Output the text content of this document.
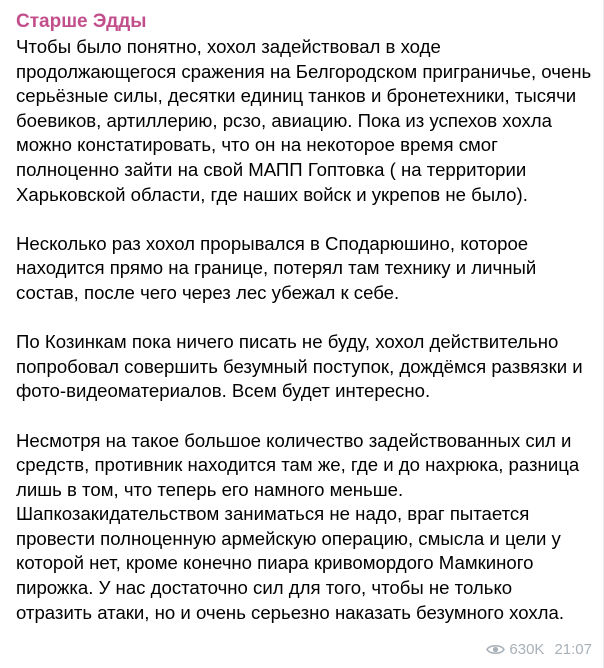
Старше Эдды

Чтобы было понятно, хохол задействовал в ходе продолжающегося сражения на Белгородском приграничье, очень серьёзные силы, десятки единиц танков и бронетехники, тысячи боевиков, артиллерию, рсзо, авиацию. Пока из успехов хохла можно констатировать, что он на некоторое время смог полноценно зайти на свой МАПП Гоптовка ( на территории Харьковской области, где наших войск и укрепов не было).

Несколько раз хохол прорывался в Сподарюшино, которое находится прямо на границе, потерял там технику и личный состав, после чего через лес убежал к себе.

По Козинкам пока ничего писать не буду, хохол действительно попробовал совершить безумный поступок, дождёмся развязки и фото-видеоматериалов. Всем будет интересно.

Несмотря на такое большое количество задействованных сил и средств, противник находится там же, где и до нахрюка, разница лишь в том, что теперь его намного меньше. Шапкозакидательством заниматься не надо, враг пытается провести полноценную армейскую операцию, смысла и цели у которой нет, кроме конечно пиара кривомордого Мамкиного пирожка. У нас достаточно сил для того, чтобы не только отразить атаки, но и очень серьезно наказать безумного хохла.

630K 21:07
